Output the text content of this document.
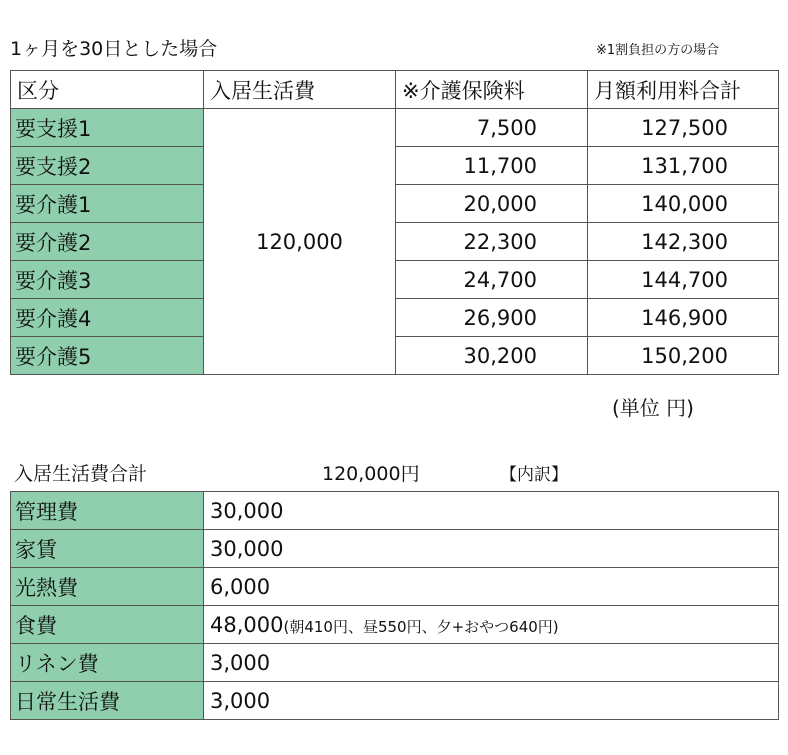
1ヶ月を30日とした場合	※1割負担の方の場合
区分	入居生活費	※介護保険料	月額利用料合計
要支援1	120,000	7,500	127,500
要支援2		11,700	131,700
要介護1		20,000	140,000
要介護2		22,300	142,300
要介護3		24,700	144,700
要介護4		26,900	146,900
要介護5		30,200	150,200
(単位 円)
入居生活費合計	120,000円	【内訳】
管理費	30,000
家賃	30,000
光熱費	6,000
食費	48,000(朝410円、昼550円、夕+おやつ640円)
リネン費	3,000
日常生活費	3,000
